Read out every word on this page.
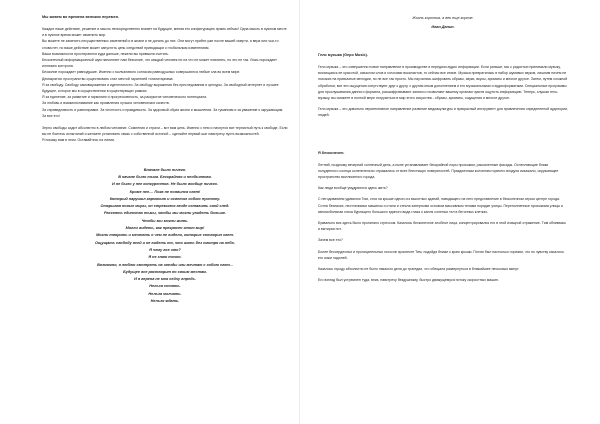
Мы живем во времена великих перемен.

Каждое наше действие, решение и мысль непосредственно влияет на будущее, меняя его конфигурацию прямо сейчас! Одна мысль в нужном месте и в нужное время может изменить мир.

Вы можете не заметить несущественных изменений и в жизни и не донять до них. Они могут прийти уже после вашей смерти, а вера или чьи-то слова нет, но ваше действие может запустить цепь следствий приводящих к глобальным изменениям.

Ваши возможности простираются куда дальше, нежели вы привыкли считать.

Бесконечный информационный шум наполняет нам безсилие, что каждый человек ни на что не может повлиять, но это не так. Ложь порождает иллюзию контроля.

Безсилие порождает равнодушие. Именно с молчаливого согласия равнодушных совершаются любые зла во всем мире.

Демократия: пространство существовать стал мечтой гарантией тоталитаризма.

Я за свободу. Свободу самовыражения и идентичности. За свободу выражения без преследования и цензуры. За свободный интернет и лучшее будущее, которое мы в осуществлении в существующих рамках.

Я за единение, за развитие и гармонию и прогрессивность, за раскрытие человеческого потенциала.

За любовь и взаимопонимание как проявления лучших человеческих качеств.

За справедливость и равноправие. За честность и правдивость. За здоровый образ жизни и мышления. За гуманизм и за уважение к окружающим. За все это!

Зерно свободы садит абсолютно в любом человеке. Сомнения и страхи – вот вам цепь. Именно с нею и начнутся все тернистый путь к свободе. Если вы не боитесь испытаний и желаете установить связь с собственной истиной – сделайте первый шаг навстречу пусть возможностей.
Я покажу вам в этом. Оставайтесь на линии.

Вначале было ничего.
В начале было тьма. Бескрайняя и необъятная.
И не было у нее конкурентов. Не было вообще ничего.
Кроме нее.... Пока не появился свет!
Который нарушил гармонию и осветил собою пустоту.
Открывая новые миры, он стремился везде оставить свой след.
Рассеять единство тьмы, чтобы мы могли увидеть больше.
Чтобы мы могли жить.
Могли видеть, как прекрасен этот мир!
Могли творить и мечтать о чем не видели, которые сотворил свет.
Ощущать свободу всей и не видеть то, что жить без смотря на небо.
Я чему все это?
Я не знаю точно.
Возможно, я люблю смотреть на звезды или мечтаю с собою свет...
Будущее все растворит по своим местам.
И я верена не моя сейчу впредь.
Нельзя стоять.
Нельзя молчать.
Нельзя ждать.

Жизнь коротка, а век еще короче.

Иван Данин.

Гело музыка (Gepo Music).

Гело музыка – это совершенно новое направление в производстве и передачи аудио информации. Если раньше, мы с радостью принимали музыку, восхищаясь ее красотой, смыслом слов и голосами вокалистов, то сейчас все иначе. Музыка превратилась в набор шумовых звуков, лишним ничем не похожих на привычные мелодии, но не все так просто. Мы научились шифровать образы, звуки, вкусы, ароматы и многое другое. Затем, путем сложной обработки, все эти ощущения сопутствуют друг к другу, с другим иным дополнением и его музыкальными и аудиоформатами. Специальные программы для прослушивания данного формата, расшифровывают записи и позволяют вашему органам чувств ощутить информацию. Теперь, слушая гело-музыку, вы сможете в полной мере погрузиться в мир этого искусства - образы, ароматы, ощущения и многое другое.

Гело музыка – это довольно перспективное направление развитие медиакультуры и прекрасный инструмент для привлечения определенной аудитории, людей.

Я бесконечен.

Летний, поздному вечерний солнечный день, а ныне устанавливает бескрайной норы прохожим, раскаленные фасады. Ослепляющие блики полуденного солнца ослепительно отражались от всех блестящих поверхностей. Праздничным колоннам горячего воздуха искажало, окружающее пространство миллионного города.

Как люди вообще умудряются здесь жить?

С негодованием удивился Тим, стоя на крыше одного из высотных зданий, наводящего на него представление в бесконечном сером центре города. Сотни безликих, неотличимых машинок и стали и стекла запертыми основом массивным телами порядке улицы. Переполненные прохожими улицы и автомобильная гонка бурлящего большого единого вида глаза о капля соленых тел в бетонных клетках.

Буквально вся здесь было пропитано стрессом. Казалось бесконечное злобное лица, концентрировался его в этой изящной отражение. Тим обливаясь и вытирая пот.

Зачем все это?

Более бессердечных и проницательных голосов проспекте Тим, подойдя ближе к краю крыши. Потом был настолько горячим, что по чувству касалось его кожи ладоней.

Казалось городу абсолютно не было никакого дела до трагедии, что обещала развернуться в ближайшее несколько минут.

Его взгляд был устремлен туда, вниз, навстречу бездушному, быстро движущемуся потоку скоростных машин.
